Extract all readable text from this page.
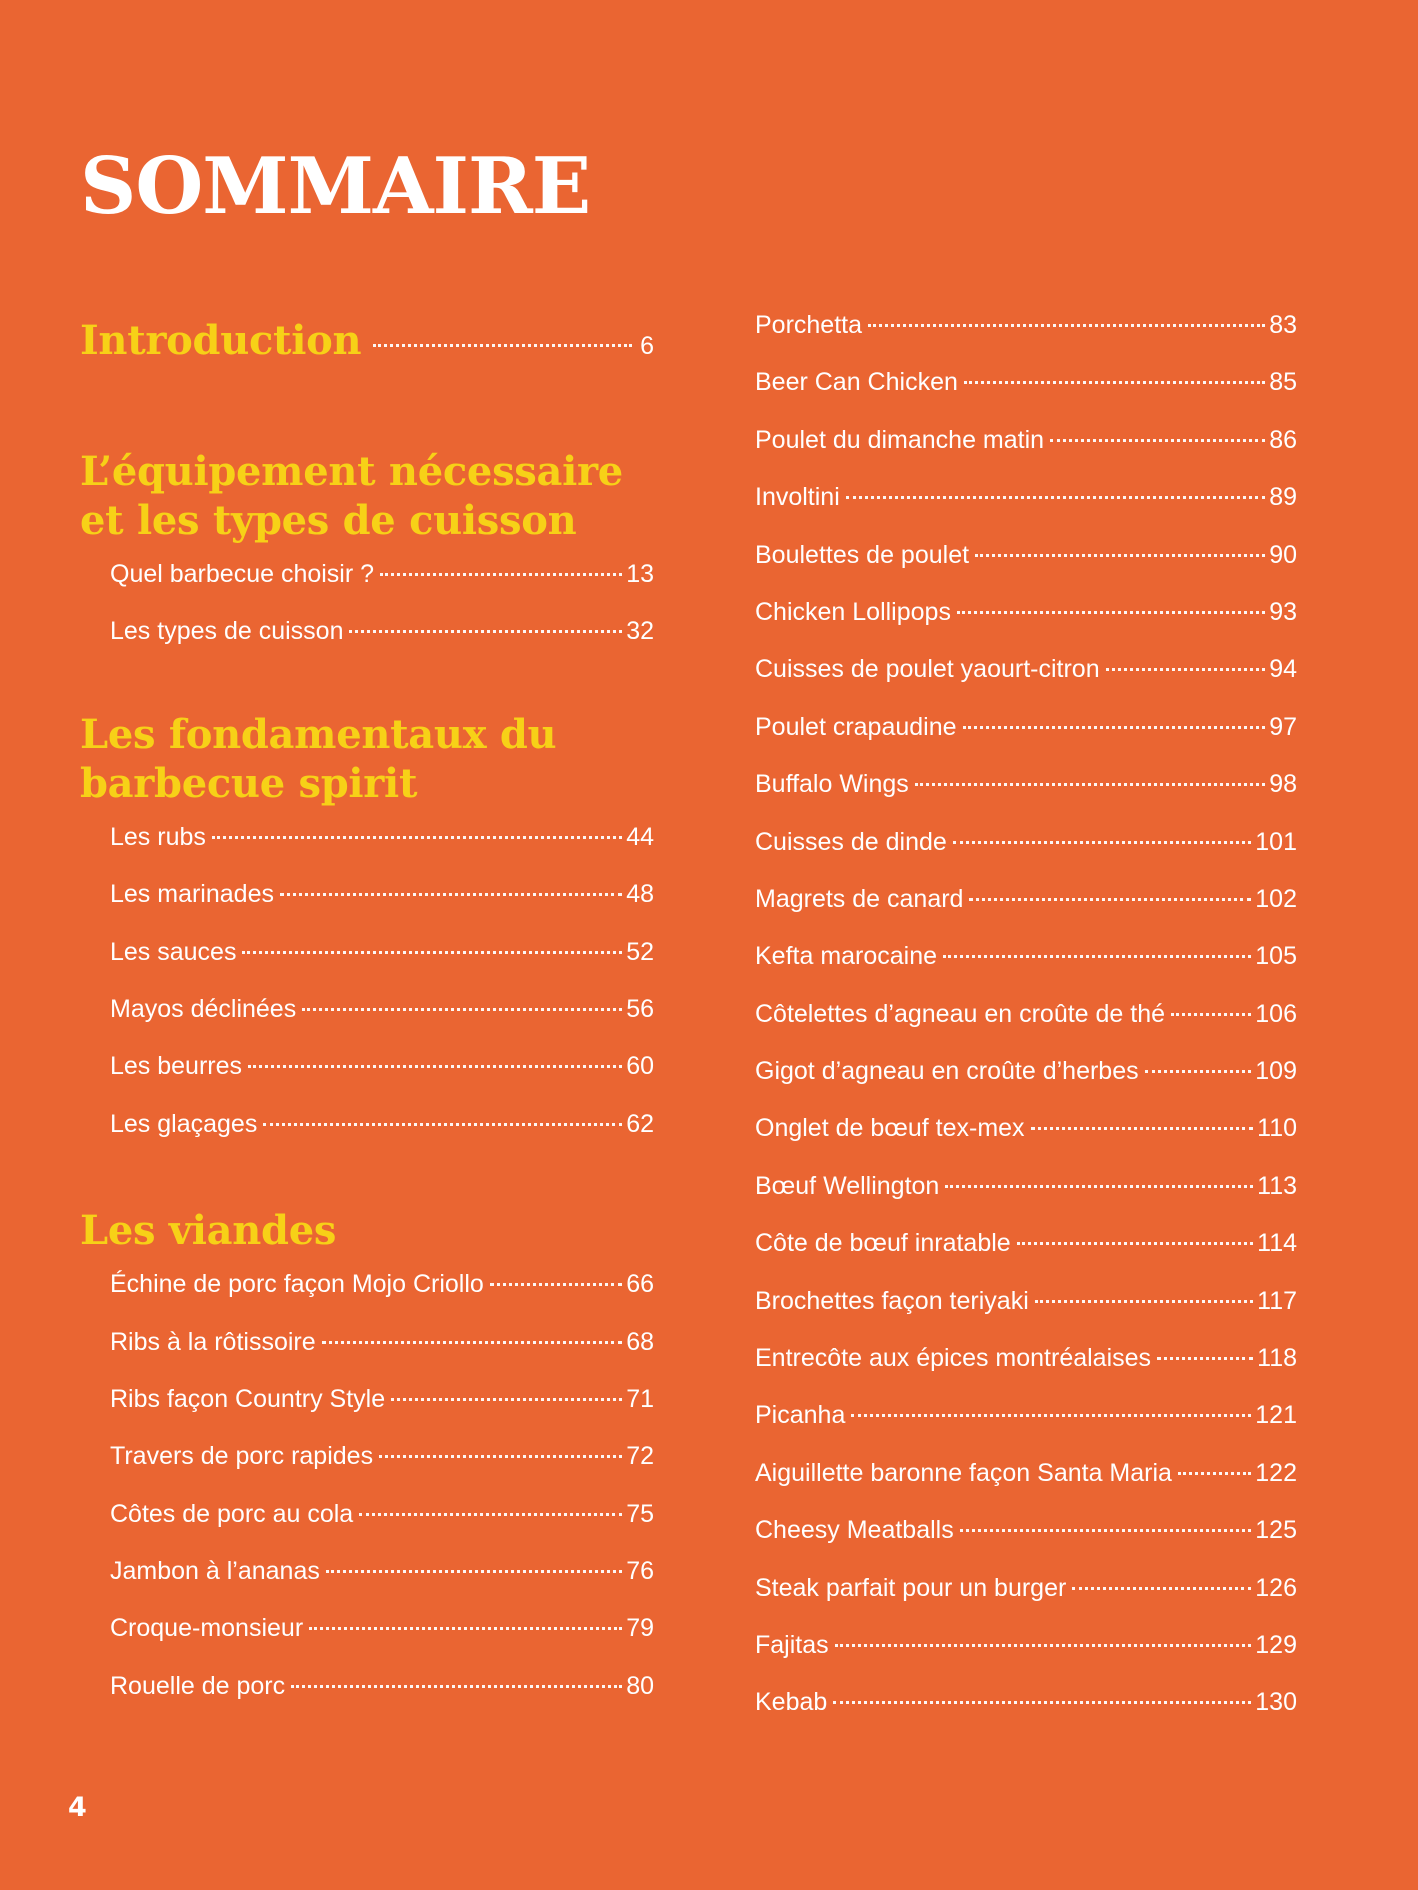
SOMMAIRE
Introduction	6
L’équipement nécessaire
et les types de cuisson
Quel barbecue choisir ?	13
Les types de cuisson	32
Les fondamentaux du
barbecue spirit
Les rubs	44
Les marinades	48
Les sauces	52
Mayos déclinées	56
Les beurres	60
Les glaçages	62
Les viandes
Échine de porc façon Mojo Criollo	66
Ribs à la rôtissoire	68
Ribs façon Country Style	71
Travers de porc rapides	72
Côtes de porc au cola	75
Jambon à l’ananas	76
Croque-monsieur	79
Rouelle de porc	80
Porchetta	83
Beer Can Chicken	85
Poulet du dimanche matin	86
Involtini	89
Boulettes de poulet	90
Chicken Lollipops	93
Cuisses de poulet yaourt-citron	94
Poulet crapaudine	97
Buffalo Wings	98
Cuisses de dinde	101
Magrets de canard	102
Kefta marocaine	105
Côtelettes d’agneau en croûte de thé	106
Gigot d’agneau en croûte d’herbes	109
Onglet de bœuf tex-mex	110
Bœuf Wellington	113
Côte de bœuf inratable	114
Brochettes façon teriyaki	117
Entrecôte aux épices montréalaises	118
Picanha	121
Aiguillette baronne façon Santa Maria	122
Cheesy Meatballs	125
Steak parfait pour un burger	126
Fajitas	129
Kebab	130

4
